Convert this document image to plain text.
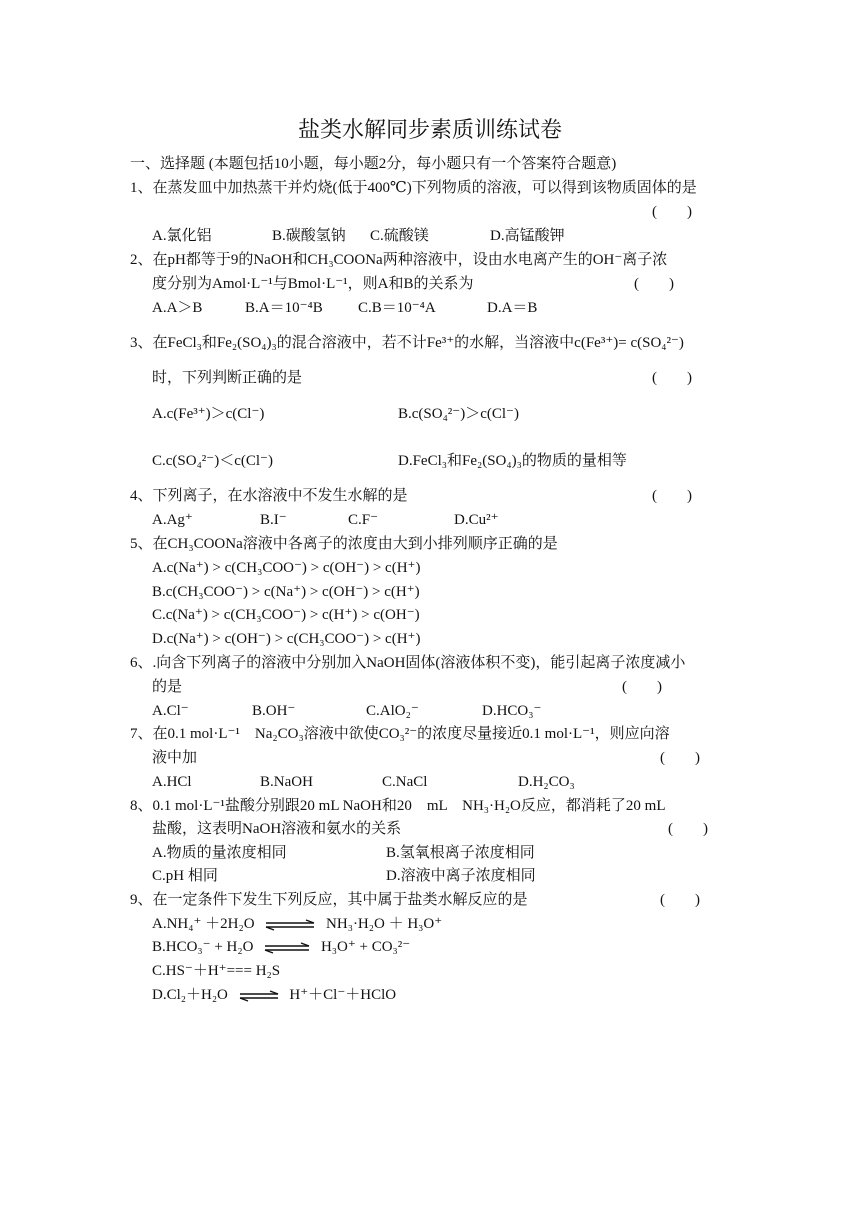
盐类水解同步素质训练试卷
一、选择题 (本题包括10小题，每小题2分，每小题只有一个答案符合题意)
1、在蒸发皿中加热蒸干并灼烧(低于400℃)下列物质的溶液，可以得到该物质固体的是
(　　)
A.氯化铝	B.碳酸氢钠 C.硫酸镁	D.高锰酸钾
2、在pH都等于9的NaOH和CH₃COONa两种溶液中，设由水电离产生的OH⁻离子浓
度分别为Amol·L⁻¹与Bmol·L⁻¹，则A和B的关系为	(　　)
A.A＞B	B.A＝10⁻⁴B C.B＝10⁻⁴A	D.A＝B
3、在FeCl₃和Fe₂(SO₄)₃的混合溶液中，若不计Fe³⁺的水解，当溶液中c(Fe³⁺)= c(SO₄²⁻)
时，下列判断正确的是	(　　)
A.c(Fe³⁺)＞c(Cl⁻)	B.c(SO₄²⁻)＞c(Cl⁻)
C.c(SO₄²⁻)＜c(Cl⁻)	D.FeCl₃和Fe₂(SO₄)₃的物质的量相等
4、下列离子，在水溶液中不发生水解的是	(　　)
A.Ag⁺	B.I⁻	C.F⁻	D.Cu²⁺
5、在CH₃COONa溶液中各离子的浓度由大到小排列顺序正确的是
A.c(Na⁺) > c(CH₃COO⁻) > c(OH⁻) > c(H⁺)
B.c(CH₃COO⁻) > c(Na⁺) > c(OH⁻) > c(H⁺)
C.c(Na⁺) > c(CH₃COO⁻) > c(H⁺) > c(OH⁻)
D.c(Na⁺) > c(OH⁻) > c(CH₃COO⁻) > c(H⁺)
6、.向含下列离子的溶液中分别加入NaOH固体(溶液体积不变)，能引起离子浓度减小
的是	(　　)
A.Cl⁻	B.OH⁻	C.AlO₂⁻	D.HCO₃⁻
7、在0.1 mol·L⁻¹　Na₂CO₃溶液中欲使CO₃²⁻的浓度尽量接近0.1 mol·L⁻¹，则应向溶
液中加	(　　)
A.HCl	B.NaOH	C.NaCl	D.H₂CO₃
8、0.1 mol·L⁻¹盐酸分别跟20 mL NaOH和20　mL　NH₃·H₂O反应，都消耗了20 mL
盐酸，这表明NaOH溶液和氨水的关系	(　　)
A.物质的量浓度相同	B.氢氧根离子浓度相同
C.pH 相同	D.溶液中离子浓度相同
9、在一定条件下发生下列反应，其中属于盐类水解反应的是	(　　)
A.NH₄⁺ ＋2H₂O ⇌ NH₃·H₂O ＋ H₃O⁺
B.HCO₃⁻ + H₂O ⇌ H₃O⁺ + CO₃²⁻
C.HS⁻＋H⁺=== H₂S
D.Cl₂＋H₂O ⇌ H⁺＋Cl⁻＋HClO
